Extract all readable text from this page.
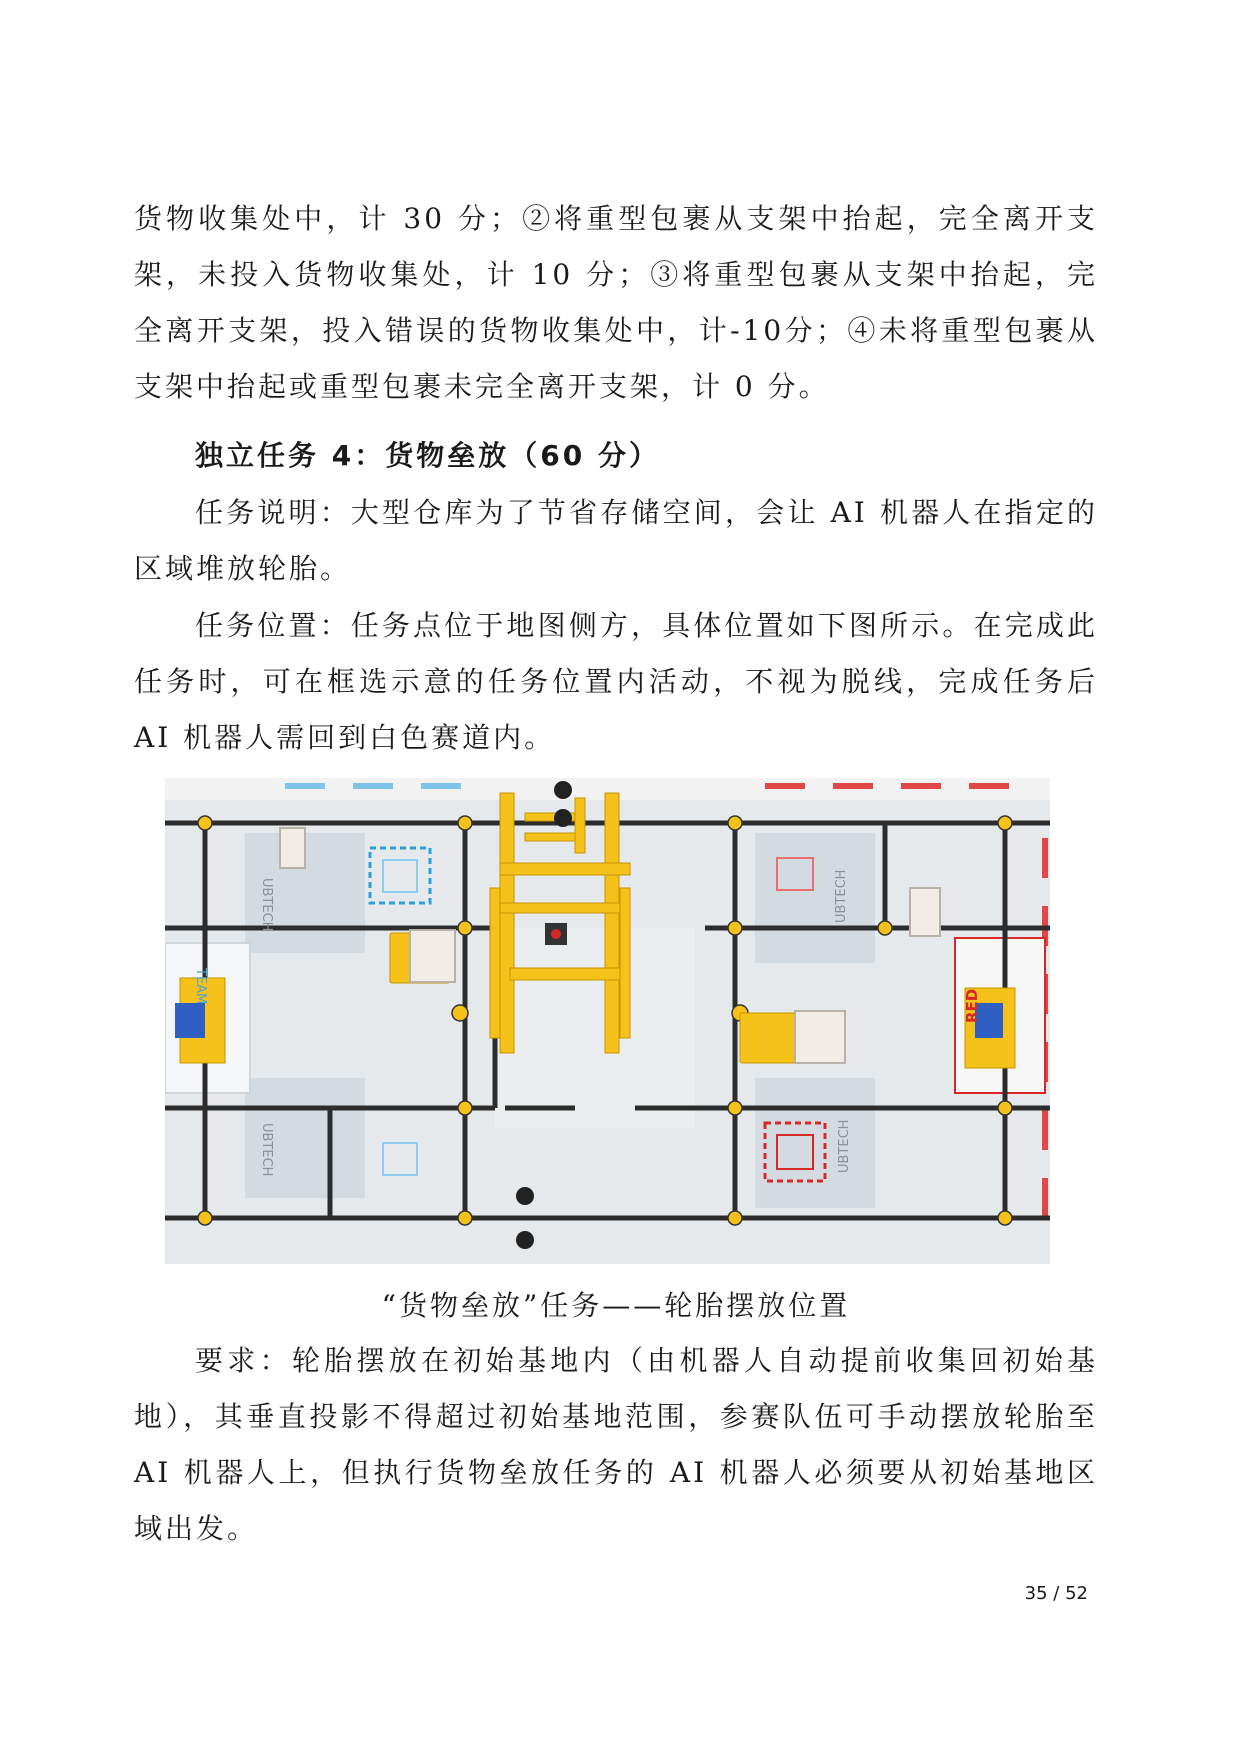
货物收集处中，计 30 分；②将重型包裹从支架中抬起，完全离开支架，未投入货物收集处，计 10 分；③将重型包裹从支架中抬起，完全离开支架，投入错误的货物收集处中，计-10分；④未将重型包裹从支架中抬起或重型包裹未完全离开支架，计 0 分。

独立任务 4：货物垒放（60 分）

任务说明：大型仓库为了节省存储空间，会让 AI 机器人在指定的区域堆放轮胎。

任务位置：任务点位于地图侧方，具体位置如下图所示。在完成此任务时，可在框选示意的任务位置内活动，不视为脱线，完成任务后 AI 机器人需回到白色赛道内。

UBTECH
UBTECH
UBTECH
UBTECH
TEAM
RED

“货物垒放”任务——轮胎摆放位置

要求：轮胎摆放在初始基地内（由机器人自动提前收集回初始基地），其垂直投影不得超过初始基地范围，参赛队伍可手动摆放轮胎至 AI 机器人上，但执行货物垒放任务的 AI 机器人必须要从初始基地区域出发。

35 / 52
